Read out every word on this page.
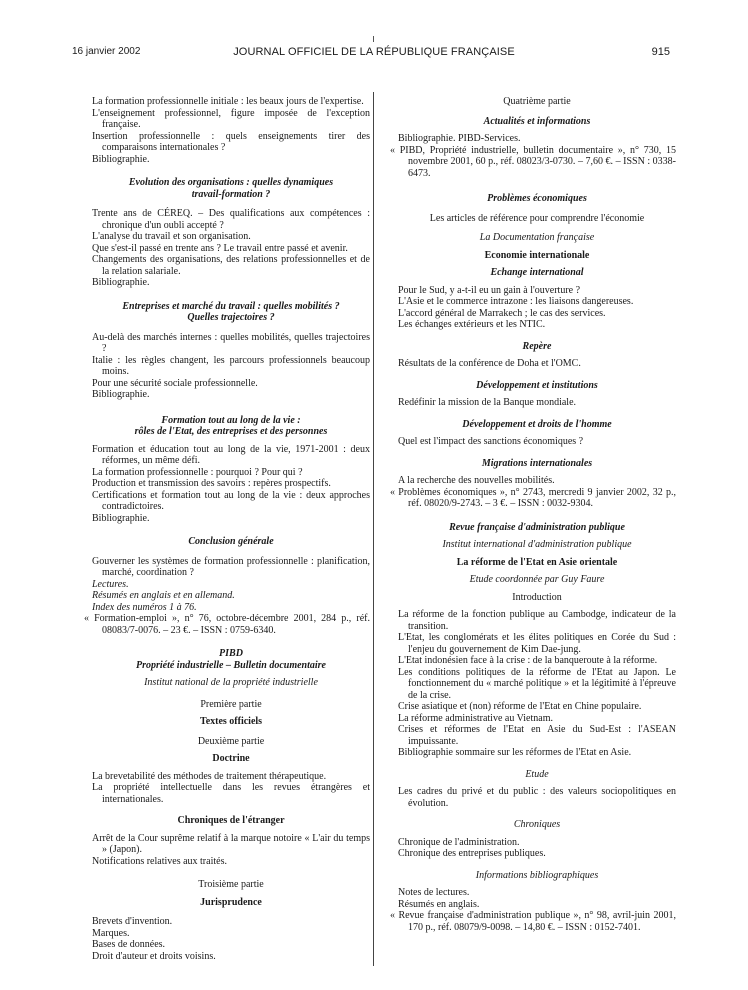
16 janvier 2002	JOURNAL OFFICIEL DE LA RÉPUBLIQUE FRANÇAISE	915

La formation professionnelle initiale : les beaux jours de l'expertise.

L'enseignement professionnel, figure imposée de l'exception française.

Insertion professionnelle : quels enseignements tirer des comparaisons internationales ?

Bibliographie.

Evolution des organisations : quelles dynamiques travail-formation ?

Trente ans de CÉREQ. – Des qualifications aux compétences : chronique d'un oubli accepté ?

L'analyse du travail et son organisation.

Que s'est-il passé en trente ans ? Le travail entre passé et avenir.

Changements des organisations, des relations professionnelles et de la relation salariale.

Bibliographie.

Entreprises et marché du travail : quelles mobilités ?

Quelles trajectoires ?

Au-delà des marchés internes : quelles mobilités, quelles trajectoires ?

Italie : les règles changent, les parcours professionnels beaucoup moins.

Pour une sécurité sociale professionnelle.

Bibliographie.

Formation tout au long de la vie :

rôles de l'Etat, des entreprises et des personnes

Formation et éducation tout au long de la vie, 1971-2001 : deux réformes, un même défi.

La formation professionnelle : pourquoi ? Pour qui ?

Production et transmission des savoirs : repères prospectifs.

Certifications et formation tout au long de la vie : deux approches contradictoires.

Bibliographie.

Conclusion générale

Gouverner les systèmes de formation professionnelle : planification, marché, coordination ?

Lectures.

Résumés en anglais et en allemand.

Index des numéros 1 à 76.

« Formation-emploi », n° 76, octobre-décembre 2001, 284 p., réf. 08083/7-0076. – 23 €. – ISSN : 0759-6340.

PIBD

Propriété industrielle – Bulletin documentaire

Institut national de la propriété industrielle

Première partie

Textes officiels

Deuxième partie

Doctrine

La brevetabilité des méthodes de traitement thérapeutique.

La propriété intellectuelle dans les revues étrangères et internationales.

Chroniques de l'étranger

Arrêt de la Cour suprême relatif à la marque notoire « L'air du temps » (Japon).

Notifications relatives aux traités.

Troisième partie

Jurisprudence

Brevets d'invention.

Marques.

Bases de données.

Droit d'auteur et droits voisins.

Quatrième partie

Actualités et informations

Bibliographie. PIBD-Services.

« PIBD, Propriété industrielle, bulletin documentaire », n° 730, 15 novembre 2001, 60 p., réf. 08023/3-0730. – 7,60 €. – ISSN : 0338-6473.

Problèmes économiques

Les articles de référence pour comprendre l'économie

La Documentation française

Economie internationale

Echange international

Pour le Sud, y a-t-il eu un gain à l'ouverture ?

L'Asie et le commerce intrazone : les liaisons dangereuses.

L'accord général de Marrakech ; le cas des services.

Les échanges extérieurs et les NTIC.

Repère

Résultats de la conférence de Doha et l'OMC.

Développement et institutions

Redéfinir la mission de la Banque mondiale.

Développement et droits de l'homme

Quel est l'impact des sanctions économiques ?

Migrations internationales

A la recherche des nouvelles mobilités.

« Problèmes économiques », n° 2743, mercredi 9 janvier 2002, 32 p., réf. 08020/9-2743. – 3 €. – ISSN : 0032-9304.

Revue française d'administration publique

Institut international d'administration publique

La réforme de l'Etat en Asie orientale

Etude coordonnée par Guy Faure

Introduction

La réforme de la fonction publique au Cambodge, indicateur de la transition.

L'Etat, les conglomérats et les élites politiques en Corée du Sud : l'enjeu du gouvernement de Kim Dae-jung.

L'Etat indonésien face à la crise : de la banqueroute à la réforme.

Les conditions politiques de la réforme de l'Etat au Japon. Le fonctionnement du « marché politique » et la légitimité à l'épreuve de la crise.

Crise asiatique et (non) réforme de l'Etat en Chine populaire.

La réforme administrative au Vietnam.

Crises et réformes de l'Etat en Asie du Sud-Est : l'ASEAN impuissante.

Bibliographie sommaire sur les réformes de l'Etat en Asie.

Etude

Les cadres du privé et du public : des valeurs sociopolitiques en évolution.

Chroniques

Chronique de l'administration.

Chronique des entreprises publiques.

Informations bibliographiques

Notes de lectures.

Résumés en anglais.

« Revue française d'administration publique », n° 98, avril-juin 2001, 170 p., réf. 08079/9-0098. – 14,80 €. – ISSN : 0152-7401.
